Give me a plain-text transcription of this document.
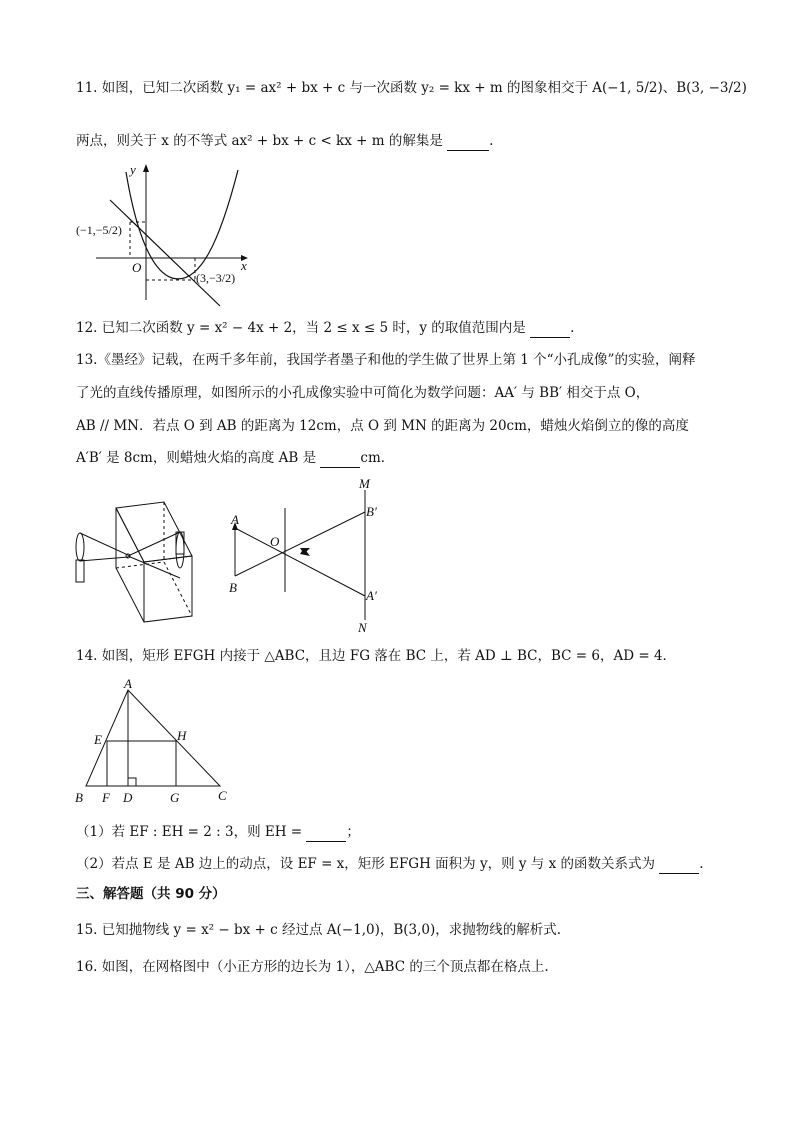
11. 如图，已知二次函数 y₁ = ax² + bx + c 与一次函数 y₂ = kx + m 的图象相交于 A(−1, 5/2)、B(3, −3/2)
两点，则关于 x 的不等式 ax² + bx + c < kx + m 的解集是	.
y
x
O
(−1,−5/2)
(3,−3/2)
12. 已知二次函数 y = x² − 4x + 2，当 2 ≤ x ≤ 5 时，y 的取值范围内是	.
13.《墨经》记载，在两千多年前，我国学者墨子和他的学生做了世界上第 1 个“小孔成像”的实验，阐释
了光的直线传播原理，如图所示的小孔成像实验中可简化为数学问题：AA′ 与 BB′ 相交于点 O，
AB // MN．若点 O 到 AB 的距离为 12cm，点 O 到 MN 的距离为 20cm，蜡烛火焰倒立的像的高度
A′B′ 是 8cm，则蜡烛火焰的高度 AB 是	cm．
A
B
O
M
N
B′
A′
14. 如图，矩形 EFGH 内接于 △ABC，且边 FG 落在 BC 上，若 AD ⊥ BC，BC = 6，AD = 4．
A
B	C
D
E
F	G
H
（1）若 EF : EH = 2 : 3，则 EH =	；
（2）若点 E 是 AB 边上的动点，设 EF = x，矩形 EFGH 面积为 y，则 y 与 x 的函数关系式为	.
三、解答题（共 90 分）
15. 已知抛物线 y = x² − bx + c 经过点 A(−1,0)，B(3,0)，求抛物线的解析式.
16. 如图，在网格图中（小正方形的边长为 1），△ABC 的三个顶点都在格点上.
